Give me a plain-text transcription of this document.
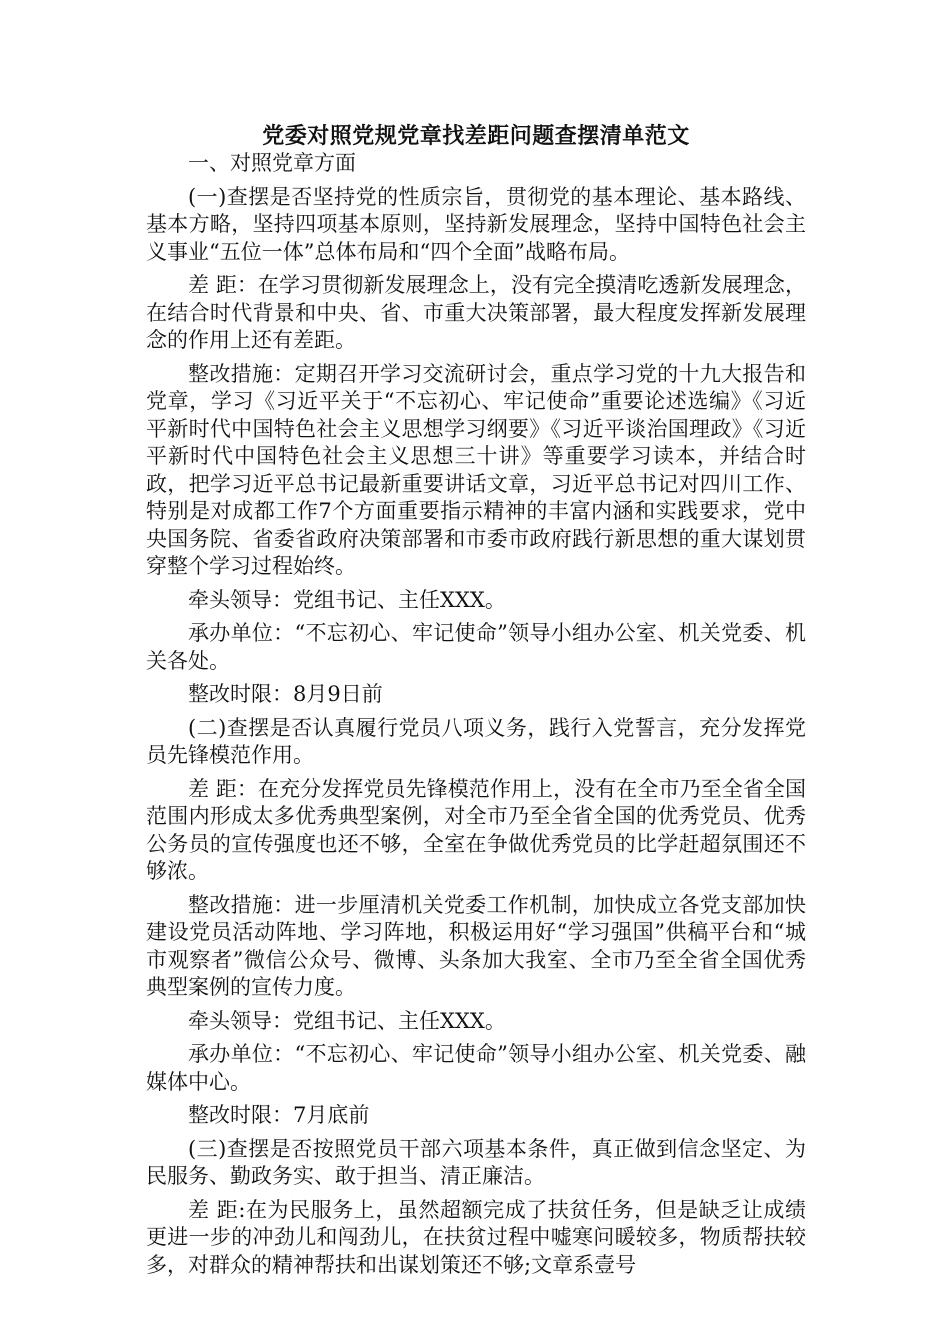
党委对照党规党章找差距问题查摆清单范文

一、对照党章方面

(一)查摆是否坚持党的性质宗旨，贯彻党的基本理论、基本路线、基本方略，坚持四项基本原则，坚持新发展理念，坚持中国特色社会主义事业“五位一体”总体布局和“四个全面”战略布局。

差 距：在学习贯彻新发展理念上，没有完全摸清吃透新发展理念，在结合时代背景和中央、省、市重大决策部署，最大程度发挥新发展理念的作用上还有差距。

整改措施：定期召开学习交流研讨会，重点学习党的十九大报告和党章，学习《习近平关于“不忘初心、牢记使命”重要论述选编》《习近平新时代中国特色社会主义思想学习纲要》《习近平谈治国理政》《习近平新时代中国特色社会主义思想三十讲》等重要学习读本，并结合时政，把学习近平总书记最新重要讲话文章，习近平总书记对四川工作、特别是对成都工作7个方面重要指示精神的丰富内涵和实践要求，党中央国务院、省委省政府决策部署和市委市政府践行新思想的重大谋划贯穿整个学习过程始终。

牵头领导：党组书记、主任XXX。

承办单位：“不忘初心、牢记使命”领导小组办公室、机关党委、机关各处。

整改时限：8月9日前

(二)查摆是否认真履行党员八项义务，践行入党誓言，充分发挥党员先锋模范作用。

差 距：在充分发挥党员先锋模范作用上，没有在全市乃至全省全国范围内形成太多优秀典型案例，对全市乃至全省全国的优秀党员、优秀公务员的宣传强度也还不够，全室在争做优秀党员的比学赶超氛围还不够浓。

整改措施：进一步厘清机关党委工作机制，加快成立各党支部加快建设党员活动阵地、学习阵地，积极运用好“学习强国”供稿平台和“城市观察者”微信公众号、微博、头条加大我室、全市乃至全省全国优秀典型案例的宣传力度。

牵头领导：党组书记、主任XXX。

承办单位：“不忘初心、牢记使命”领导小组办公室、机关党委、融媒体中心。

整改时限：7月底前

(三)查摆是否按照党员干部六项基本条件，真正做到信念坚定、为民服务、勤政务实、敢于担当、清正廉洁。

差 距:在为民服务上，虽然超额完成了扶贫任务，但是缺乏让成绩更进一步的冲劲儿和闯劲儿，在扶贫过程中嘘寒问暖较多，物质帮扶较多，对群众的精神帮扶和出谋划策还不够;文章系壹号
